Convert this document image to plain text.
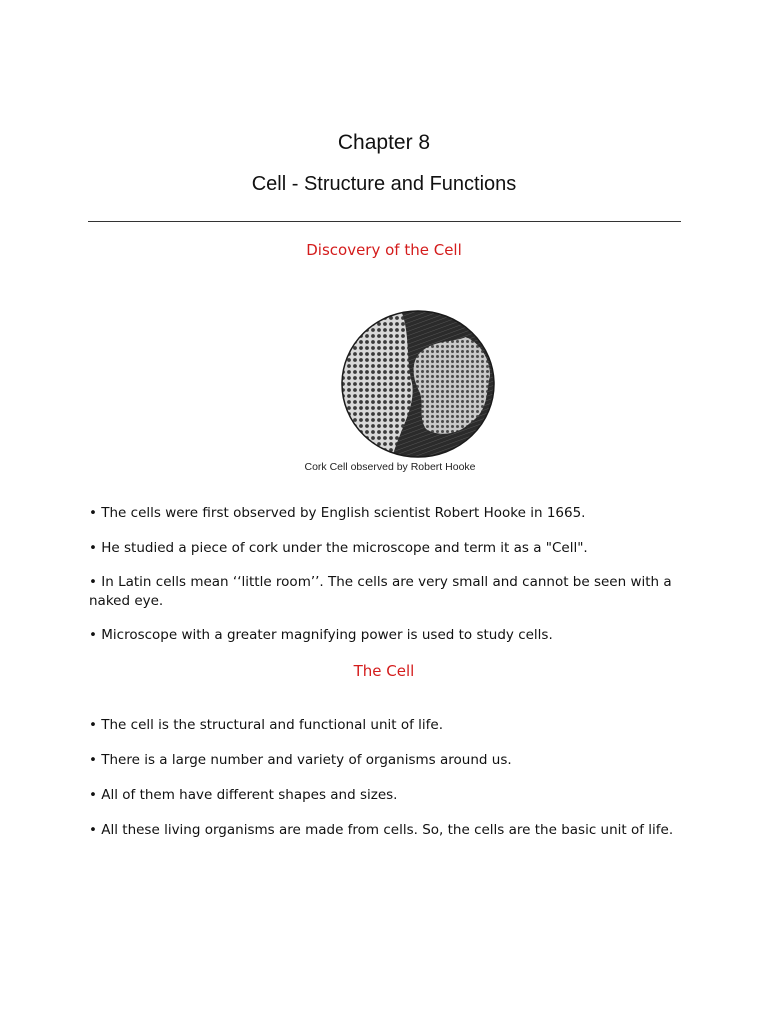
Chapter 8
Cell - Structure and Functions
Discovery of the Cell
Cork Cell observed by Robert Hooke
• The cells were first observed by English scientist Robert Hooke in 1665.
• He studied a piece of cork under the microscope and term it as a "Cell".
• In Latin cells mean ‘‘little room’’. The cells are very small and cannot be seen with a naked eye.
• Microscope with a greater magnifying power is used to study cells.
The Cell
• The cell is the structural and functional unit of life.
• There is a large number and variety of organisms around us.
• All of them have different shapes and sizes.
• All these living organisms are made from cells. So, the cells are the basic unit of life.
